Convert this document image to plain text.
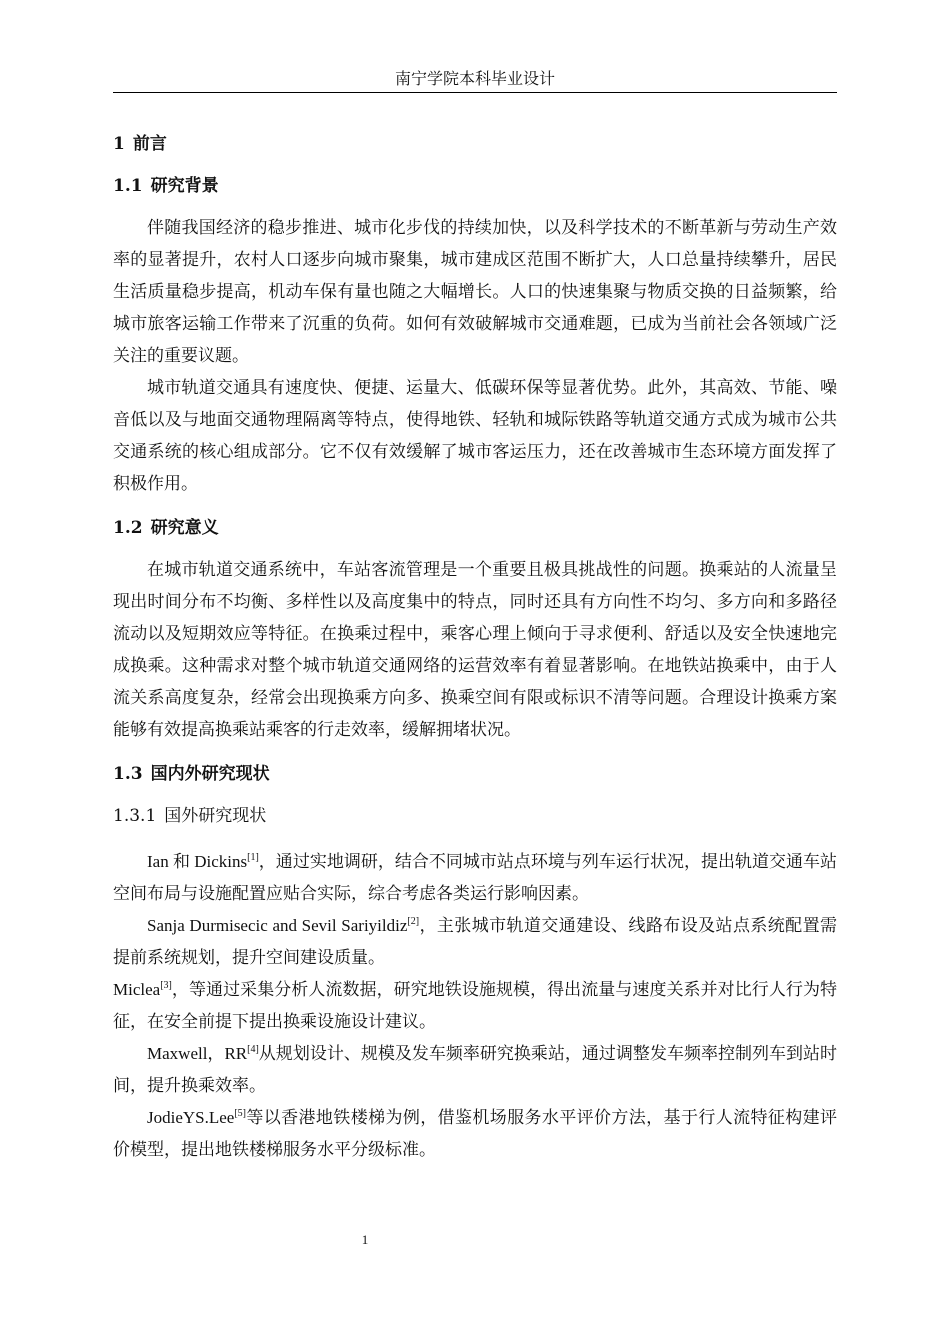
南宁学院本科毕业设计
1 前言
1.1 研究背景

伴随我国经济的稳步推进、城市化步伐的持续加快，以及科学技术的不断革新与劳动生产效率的显著提升，农村人口逐步向城市聚集，城市建成区范围不断扩大，人口总量持续攀升，居民生活质量稳步提高，机动车保有量也随之大幅增长。人口的快速集聚与物质交换的日益频繁，给城市旅客运输工作带来了沉重的负荷。如何有效破解城市交通难题，已成为当前社会各领域广泛关注的重要议题。

城市轨道交通具有速度快、便捷、运量大、低碳环保等显著优势。此外，其高效、节能、噪音低以及与地面交通物理隔离等特点，使得地铁、轻轨和城际铁路等轨道交通方式成为城市公共交通系统的核心组成部分。它不仅有效缓解了城市客运压力，还在改善城市生态环境方面发挥了积极作用。

1.2 研究意义

在城市轨道交通系统中，车站客流管理是一个重要且极具挑战性的问题。换乘站的人流量呈现出时间分布不均衡、多样性以及高度集中的特点，同时还具有方向性不均匀、多方向和多路径流动以及短期效应等特征。在换乘过程中，乘客心理上倾向于寻求便利、舒适以及安全快速地完成换乘。这种需求对整个城市轨道交通网络的运营效率有着显著影响。在地铁站换乘中，由于人流关系高度复杂，经常会出现换乘方向多、换乘空间有限或标识不清等问题。合理设计换乘方案能够有效提高换乘站乘客的行走效率，缓解拥堵状况。

1.3 国内外研究现状
1.3.1 国外研究现状

Ian 和 Dickins[1]，通过实地调研，结合不同城市站点环境与列车运行状况，提出轨道交通车站空间布局与设施配置应贴合实际，综合考虑各类运行影响因素。

Sanja Durmisecic and Sevil Sariyildiz[2]，主张城市轨道交通建设、线路布设及站点系统配置需提前系统规划，提升空间建设质量。

Miclea[3]，等通过采集分析人流数据，研究地铁设施规模，得出流量与速度关系并对比行人行为特征，在安全前提下提出换乘设施设计建议。

Maxwell，RR[4]从规划设计、规模及发车频率研究换乘站，通过调整发车频率控制列车到站时间，提升换乘效率。

JodieYS.Lee[5]等以香港地铁楼梯为例，借鉴机场服务水平评价方法，基于行人流特征构建评价模型，提出地铁楼梯服务水平分级标准。

1
